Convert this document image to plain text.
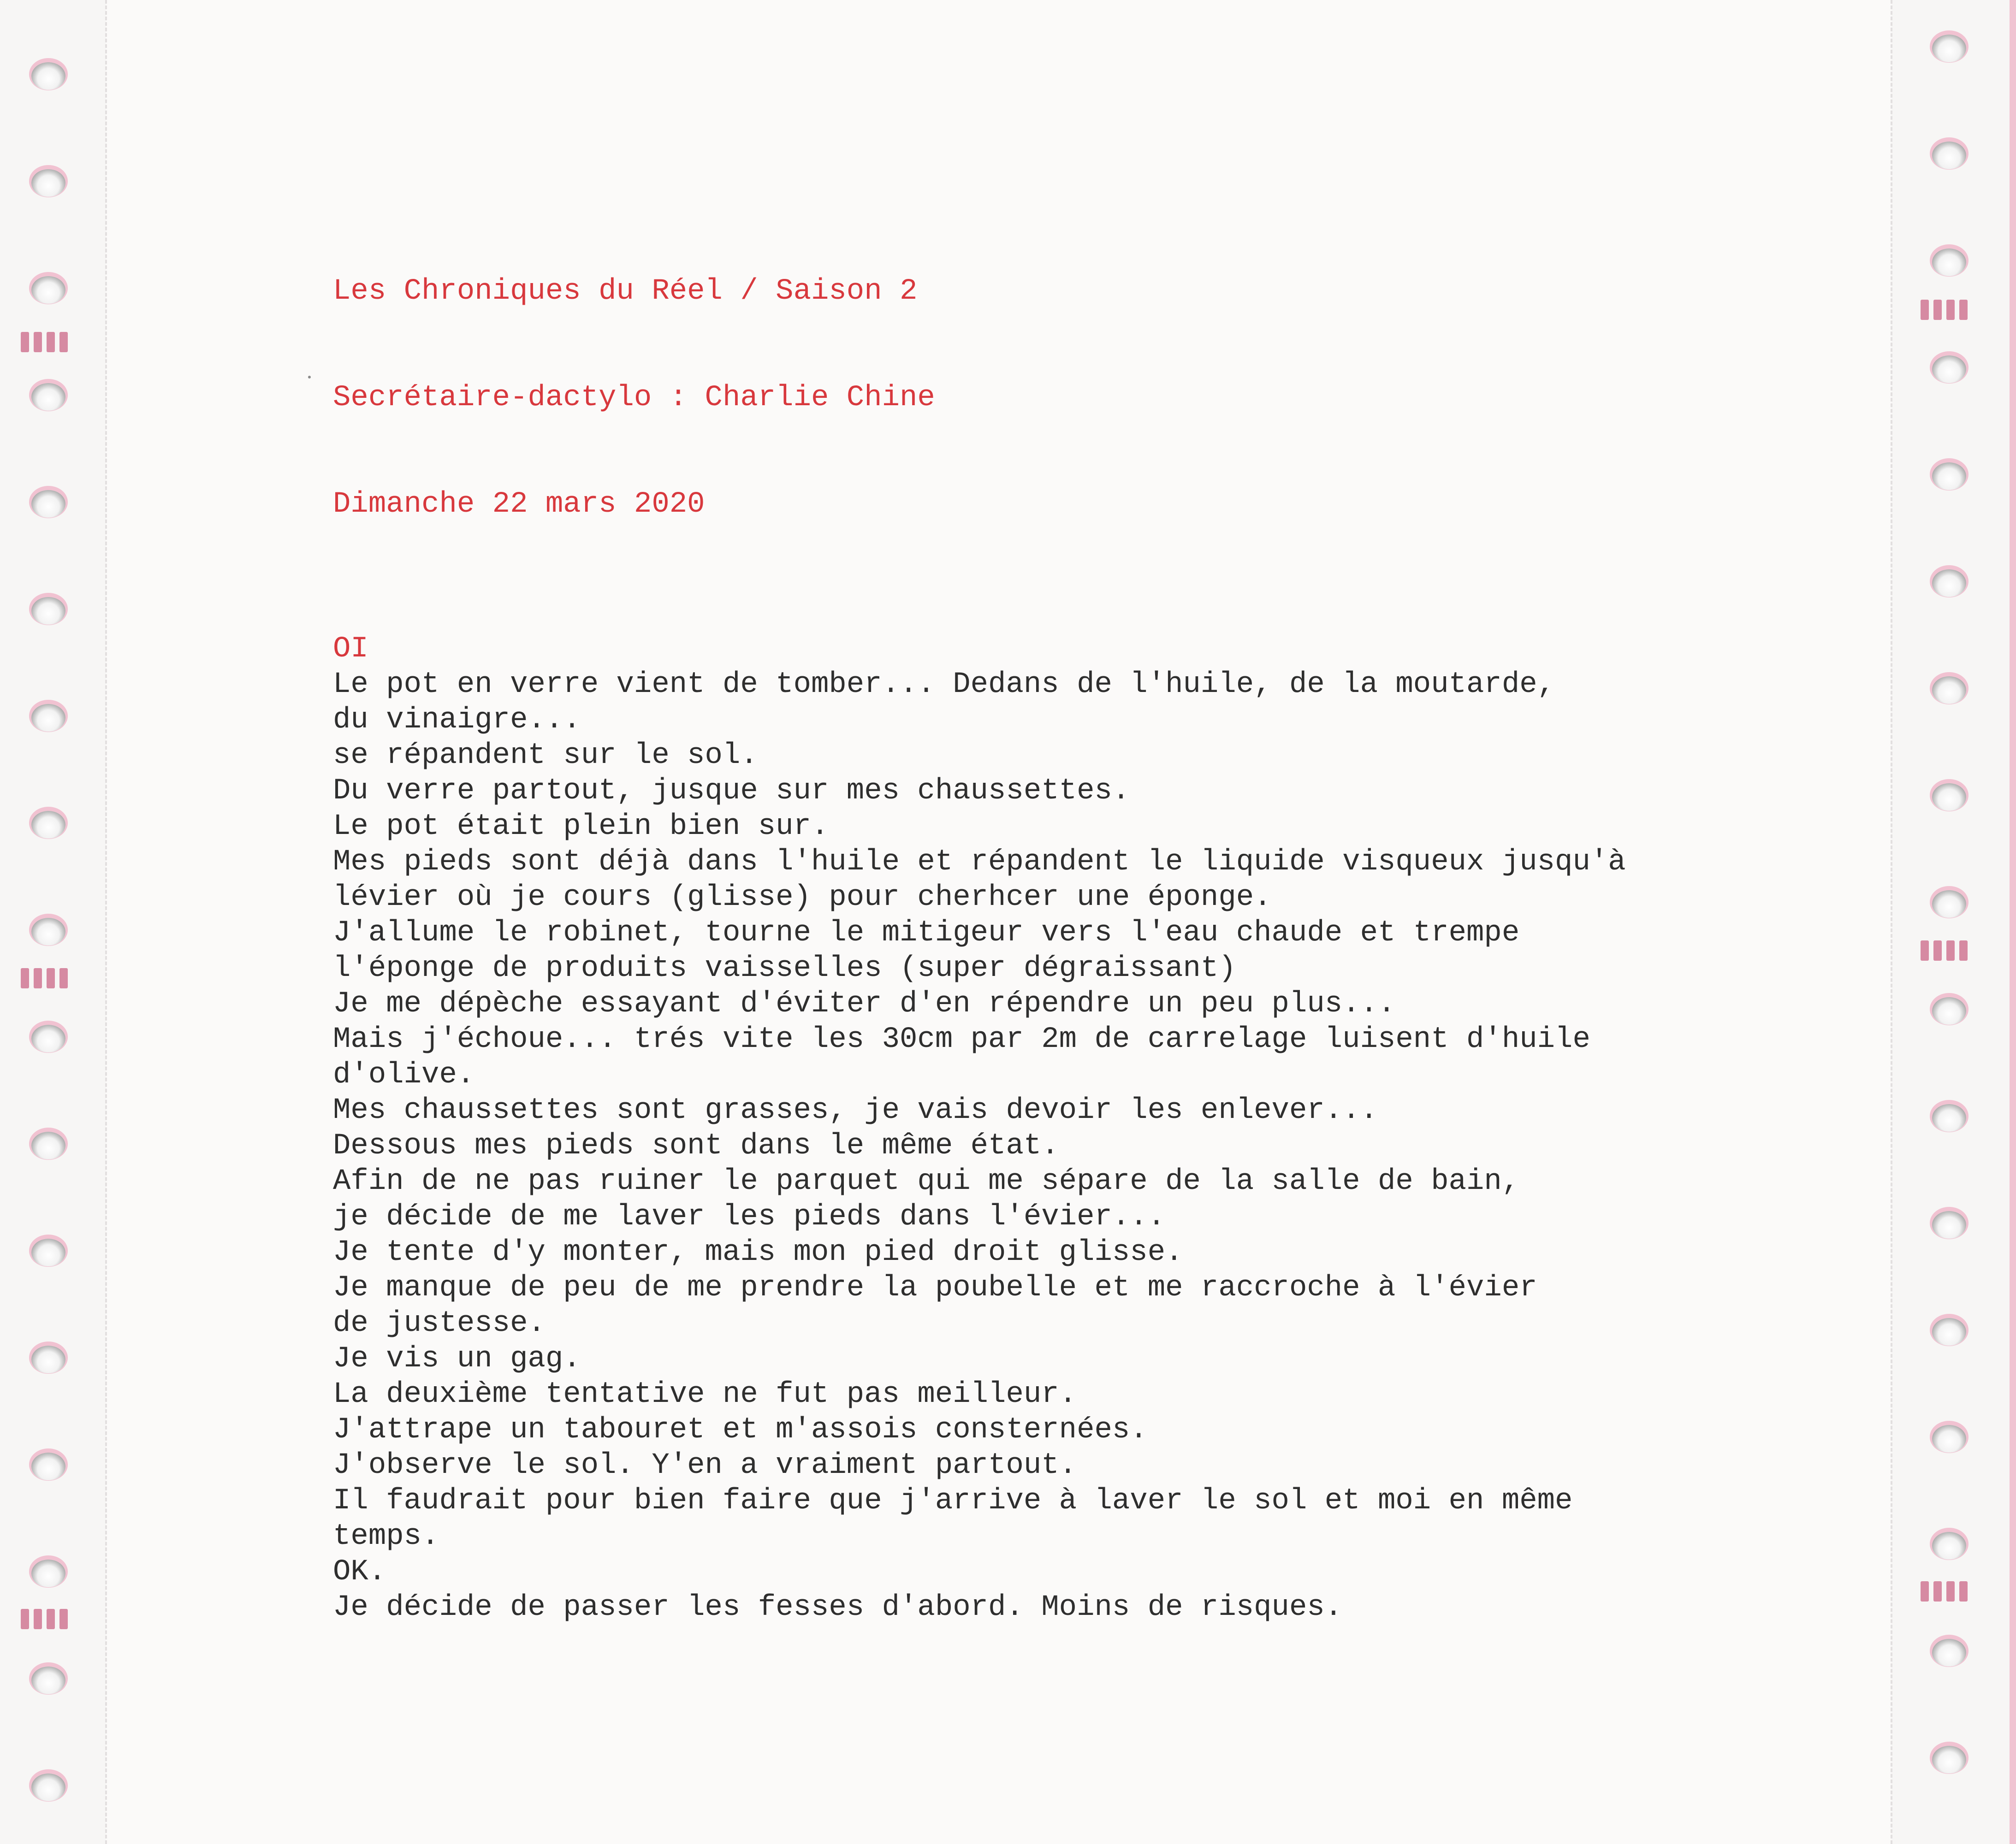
Les Chroniques du Réel / Saison 2

Secrétaire-dactylo : Charlie Chine

Dimanche 22 mars 2020

OI
Le pot en verre vient de tomber... Dedans de l'huile, de la moutarde,
du vinaigre...
se répandent sur le sol.
Du verre partout, jusque sur mes chaussettes.
Le pot était plein bien sur.
Mes pieds sont déjà dans l'huile et répandent le liquide visqueux jusqu'à
lévier où je cours (glisse) pour cherhcer une éponge.
J'allume le robinet, tourne le mitigeur vers l'eau chaude et trempe
l'éponge de produits vaisselles (super dégraissant)
Je me dépèche essayant d'éviter d'en répendre un peu plus...
Mais j'échoue... trés vite les 30cm par 2m de carrelage luisent d'huile
d'olive.
Mes chaussettes sont grasses, je vais devoir les enlever...
Dessous mes pieds sont dans le même état.
Afin de ne pas ruiner le parquet qui me sépare de la salle de bain,
je décide de me laver les pieds dans l'évier...
Je tente d'y monter, mais mon pied droit glisse.
Je manque de peu de me prendre la poubelle et me raccroche à l'évier
de justesse.
Je vis un gag.
La deuxième tentative ne fut pas meilleur.
J'attrape un tabouret et m'assois consternées.
J'observe le sol. Y'en a vraiment partout.
Il faudrait pour bien faire que j'arrive à laver le sol et moi en même
temps.
OK.
Je décide de passer les fesses d'abord. Moins de risques.
